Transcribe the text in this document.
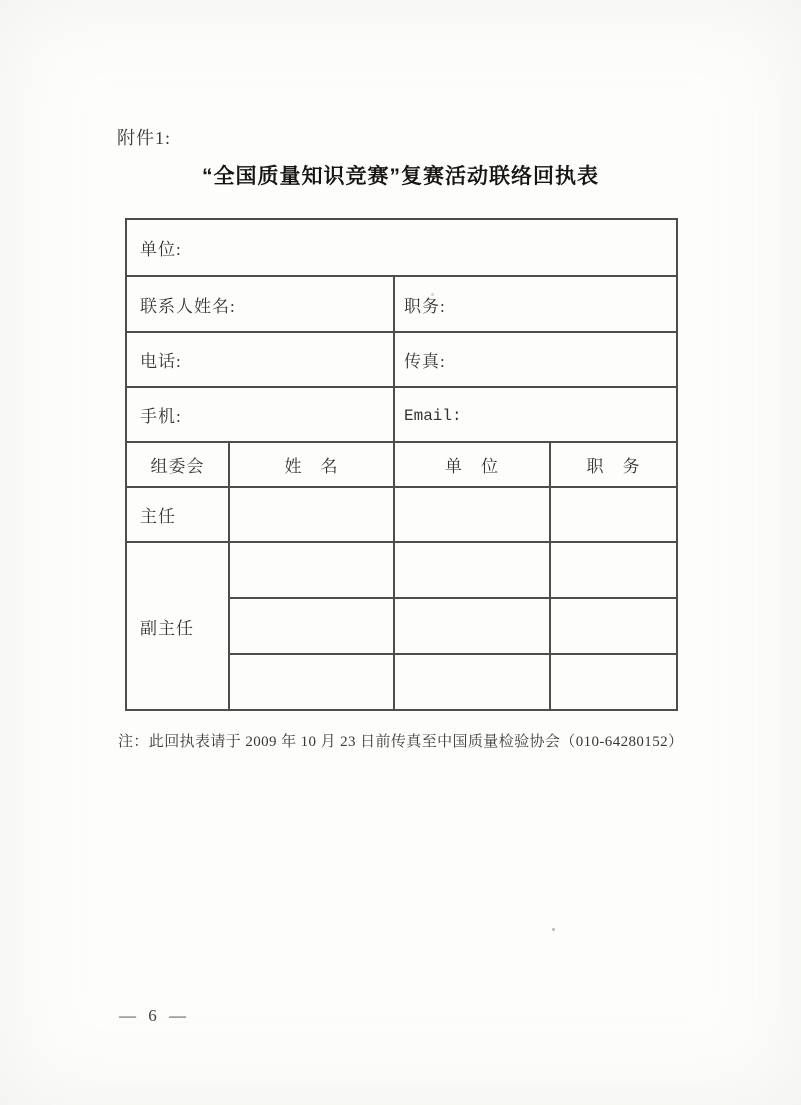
附件1:
“全国质量知识竞赛”复赛活动联络回执表
单位:			
联系人姓名:		职务:	
电话:		传真:	
手机:		Email:	
组委会	姓　名	单　位	职　务
主任			
副主任			

注：此回执表请于 2009 年 10 月 23 日前传真至中国质量检验协会（010-64280152）
— 6 —
